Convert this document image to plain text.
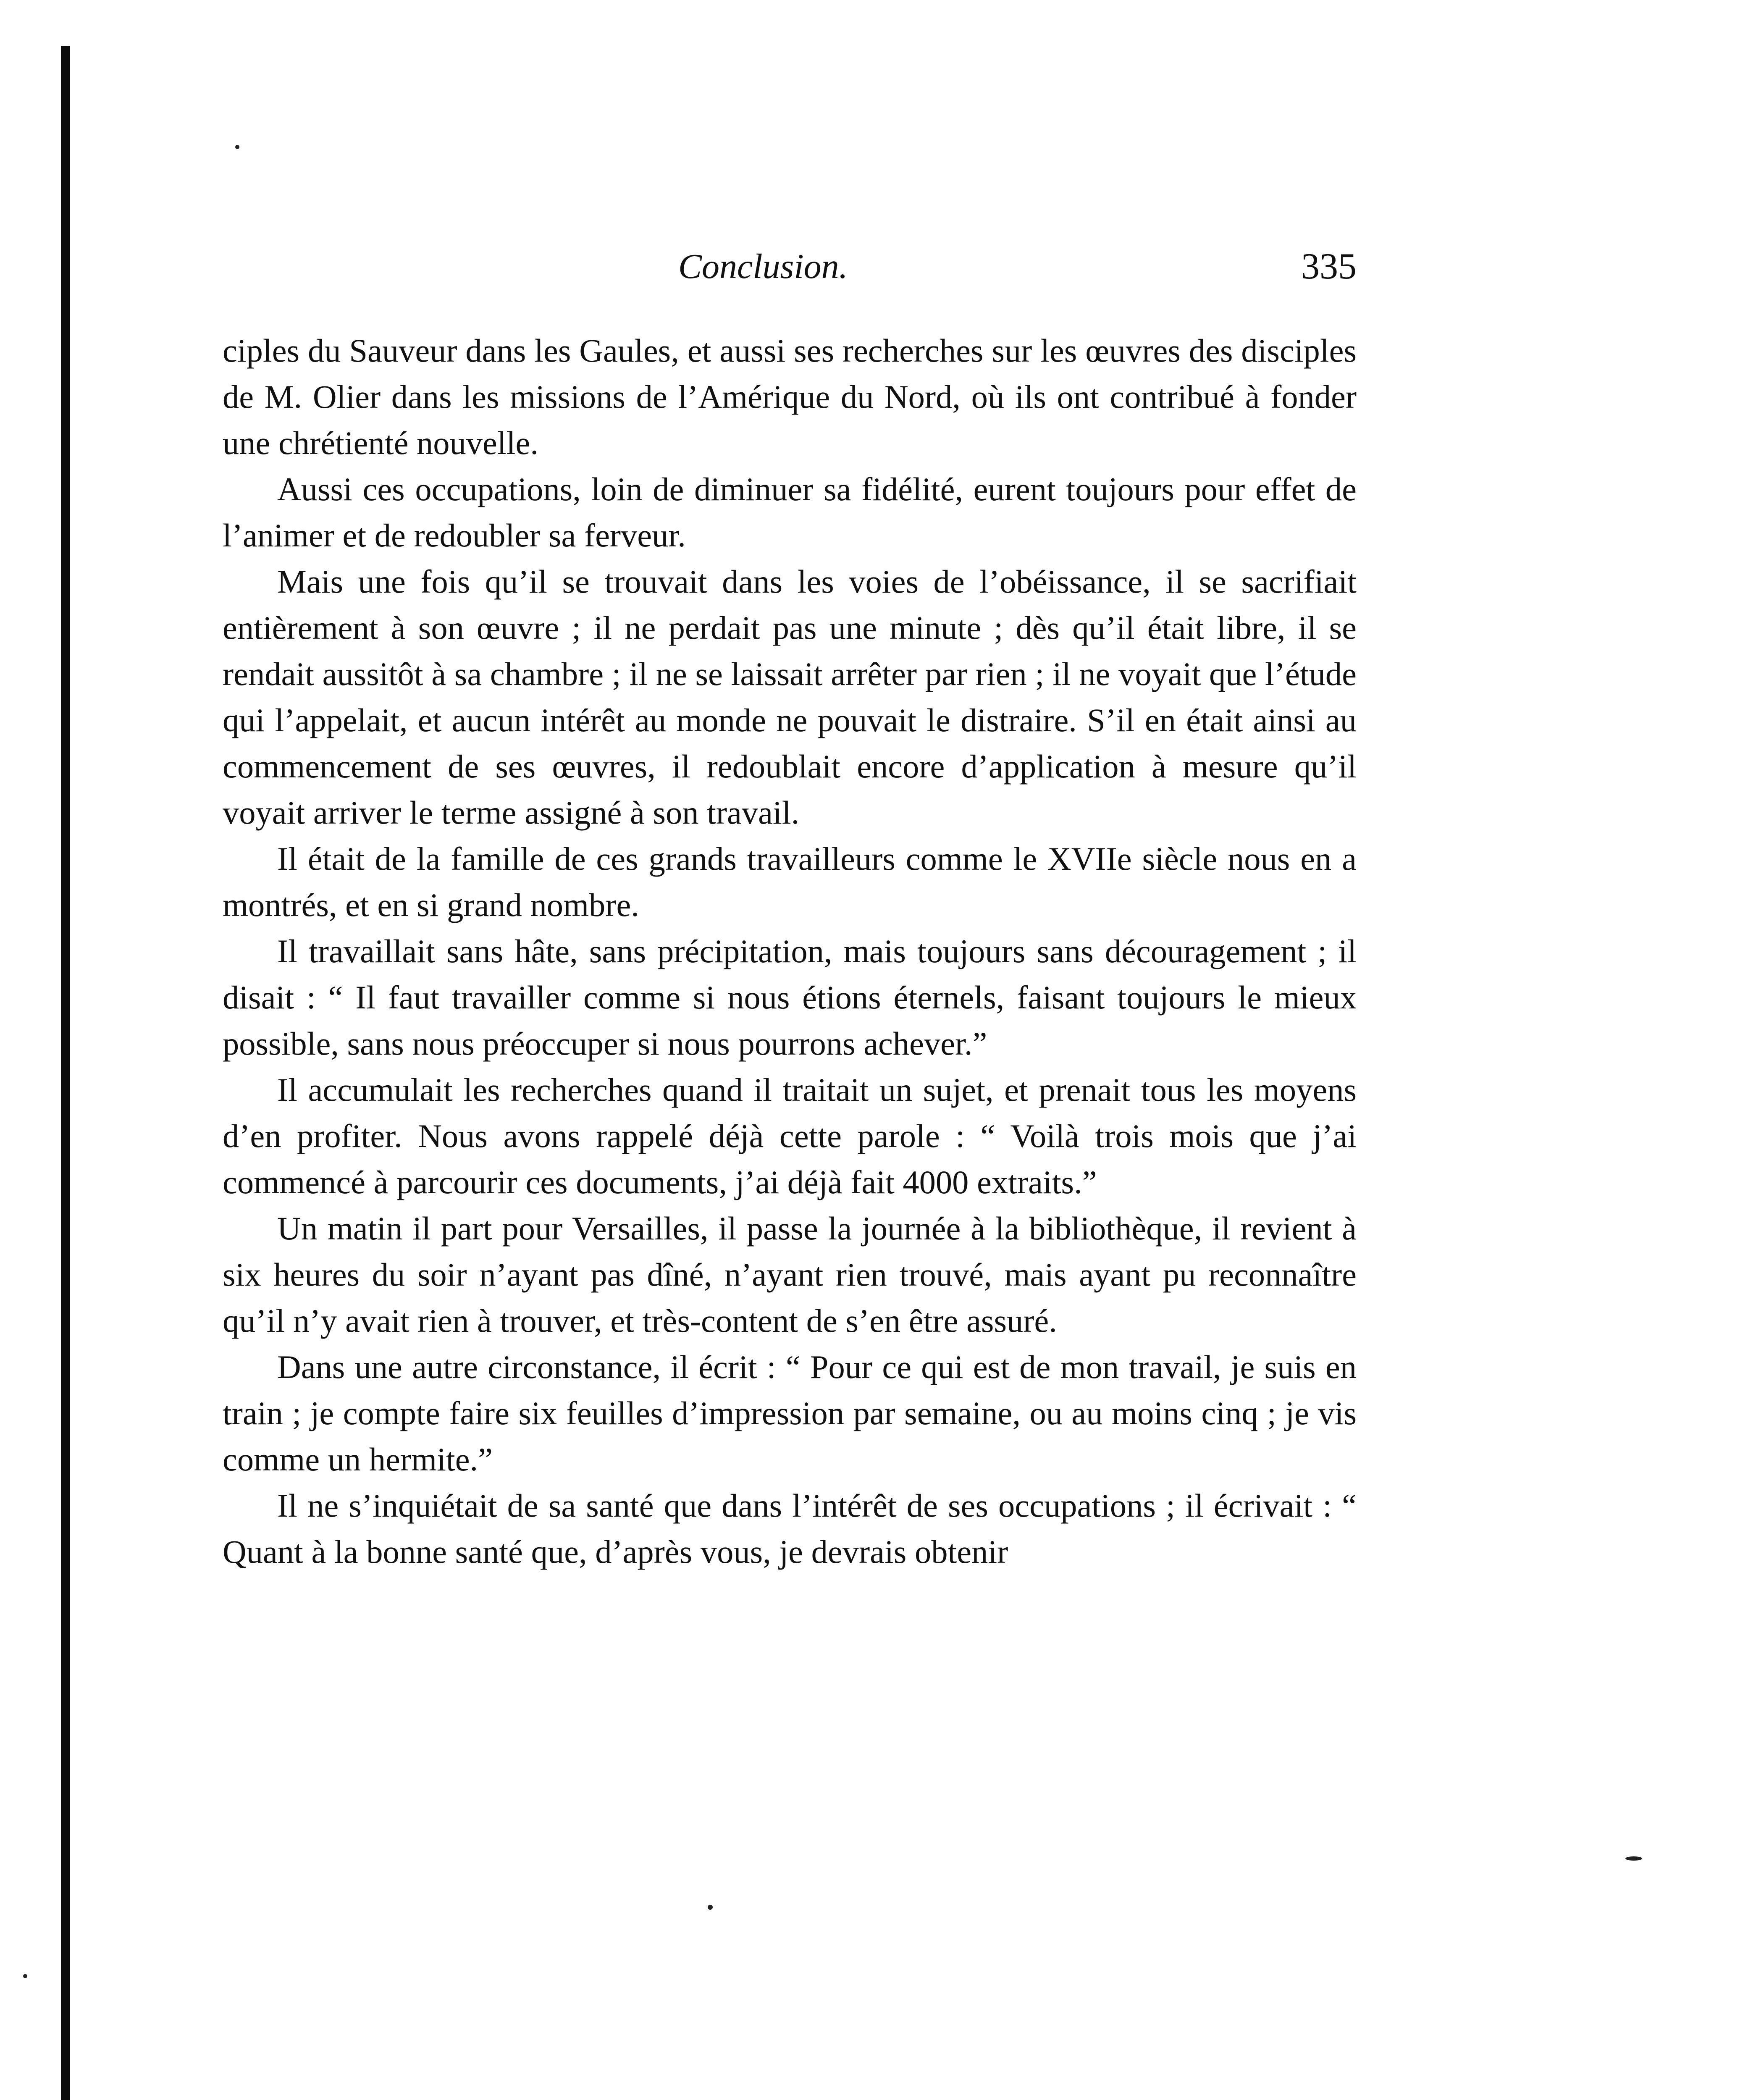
Conclusion.	335

ciples du Sauveur dans les Gaules, et aussi ses recherches sur les œuvres des disciples de M. Olier dans les missions de l’Amérique du Nord, où ils ont contribué à fonder une chrétienté nouvelle.

Aussi ces occupations, loin de diminuer sa fidélité, eurent toujours pour effet de l’animer et de redoubler sa ferveur.

Mais une fois qu’il se trouvait dans les voies de l’obéissance, il se sacrifiait entièrement à son œuvre ; il ne perdait pas une minute ; dès qu’il était libre, il se rendait aussitôt à sa chambre ; il ne se laissait arrêter par rien ; il ne voyait que l’étude qui l’appelait, et aucun intérêt au monde ne pouvait le distraire. S’il en était ainsi au commencement de ses œuvres, il redoublait encore d’application à mesure qu’il voyait arriver le terme assigné à son travail.

Il était de la famille de ces grands travailleurs comme le XVIIe siècle nous en a montrés, et en si grand nombre.

Il travaillait sans hâte, sans précipitation, mais toujours sans découragement ; il disait : “ Il faut travailler comme si nous étions éternels, faisant toujours le mieux possible, sans nous préoccuper si nous pourrons achever.”

Il accumulait les recherches quand il traitait un sujet, et prenait tous les moyens d’en profiter. Nous avons rappelé déjà cette parole : “ Voilà trois mois que j’ai commencé à parcourir ces documents, j’ai déjà fait 4000 extraits.”

Un matin il part pour Versailles, il passe la journée à la bibliothèque, il revient à six heures du soir n’ayant pas dîné, n’ayant rien trouvé, mais ayant pu reconnaître qu’il n’y avait rien à trouver, et très-content de s’en être assuré.

Dans une autre circonstance, il écrit : “ Pour ce qui est de mon travail, je suis en train ; je compte faire six feuilles d’impression par semaine, ou au moins cinq ; je vis comme un hermite.”

Il ne s’inquiétait de sa santé que dans l’intérêt de ses occupations ; il écrivait : “ Quant à la bonne santé que, d’après vous, je devrais obtenir
